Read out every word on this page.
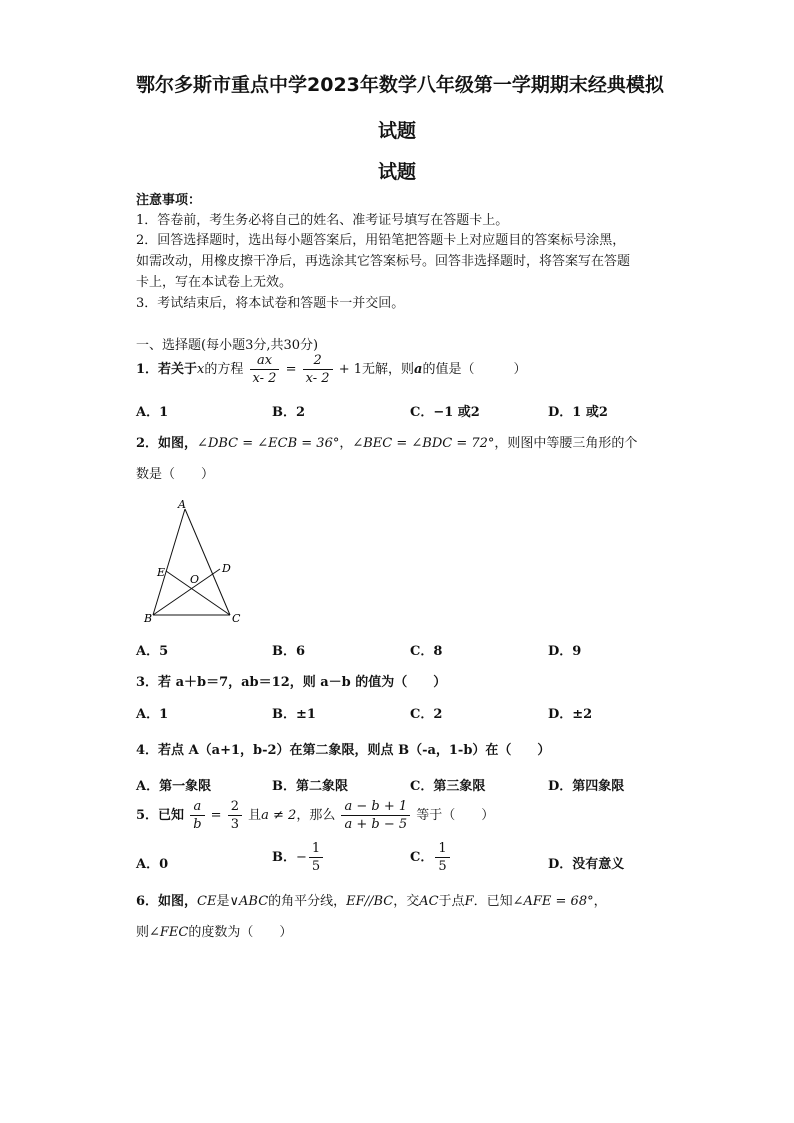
鄂尔多斯市重点中学2023年数学八年级第一学期期末经典模拟
试题
试题
注意事项：
1．答卷前，考生务必将自己的姓名、准考证号填写在答题卡上。
2．回答选择题时，选出每小题答案后，用铅笔把答题卡上对应题目的答案标号涂黑，
如需改动，用橡皮擦干净后，再选涂其它答案标号。回答非选择题时，将答案写在答题
卡上，写在本试卷上无效。
3．考试结束后，将本试卷和答题卡一并交回。
一、选择题(每小题3分,共30分)
1．若关于x的方程 $\frac{ax}{x- 2} = \frac{2}{x- 2} + 1$无解，则a的值是（　　　）
A．1	B．2	C．−1 或2	D．1 或2
2．如图，∠DBC = ∠ECB = 36°，∠BEC = ∠BDC = 72°，则图中等腰三角形的个
数是（　　）
A
E
O
D
B	C
A．5	B．6	C．8	D．9
3．若 a＋b＝7，ab＝12，则 a－b 的值为（　　）
A．1	B．±1	C．2	D．±2
4．若点 A（a+1，b-2）在第二象限，则点 B（-a，1-b）在（　　）
A．第一象限	B．第二象限	C．第三象限	D．第四象限
5．已知 $\frac{a}{b} = \frac{2}{3}$ 且a ≠ 2，那么 $\frac{a - b + 1}{a + b - 5}$ 等于（　　）
A．0	B．− $\frac{1}{5}$	C． $\frac{1}{5}$	D．没有意义
6．如图，CE是∨ABC的角平分线，EF//BC，交AC于点F．已知∠AFE = 68°，
则∠FEC的度数为（　　）
